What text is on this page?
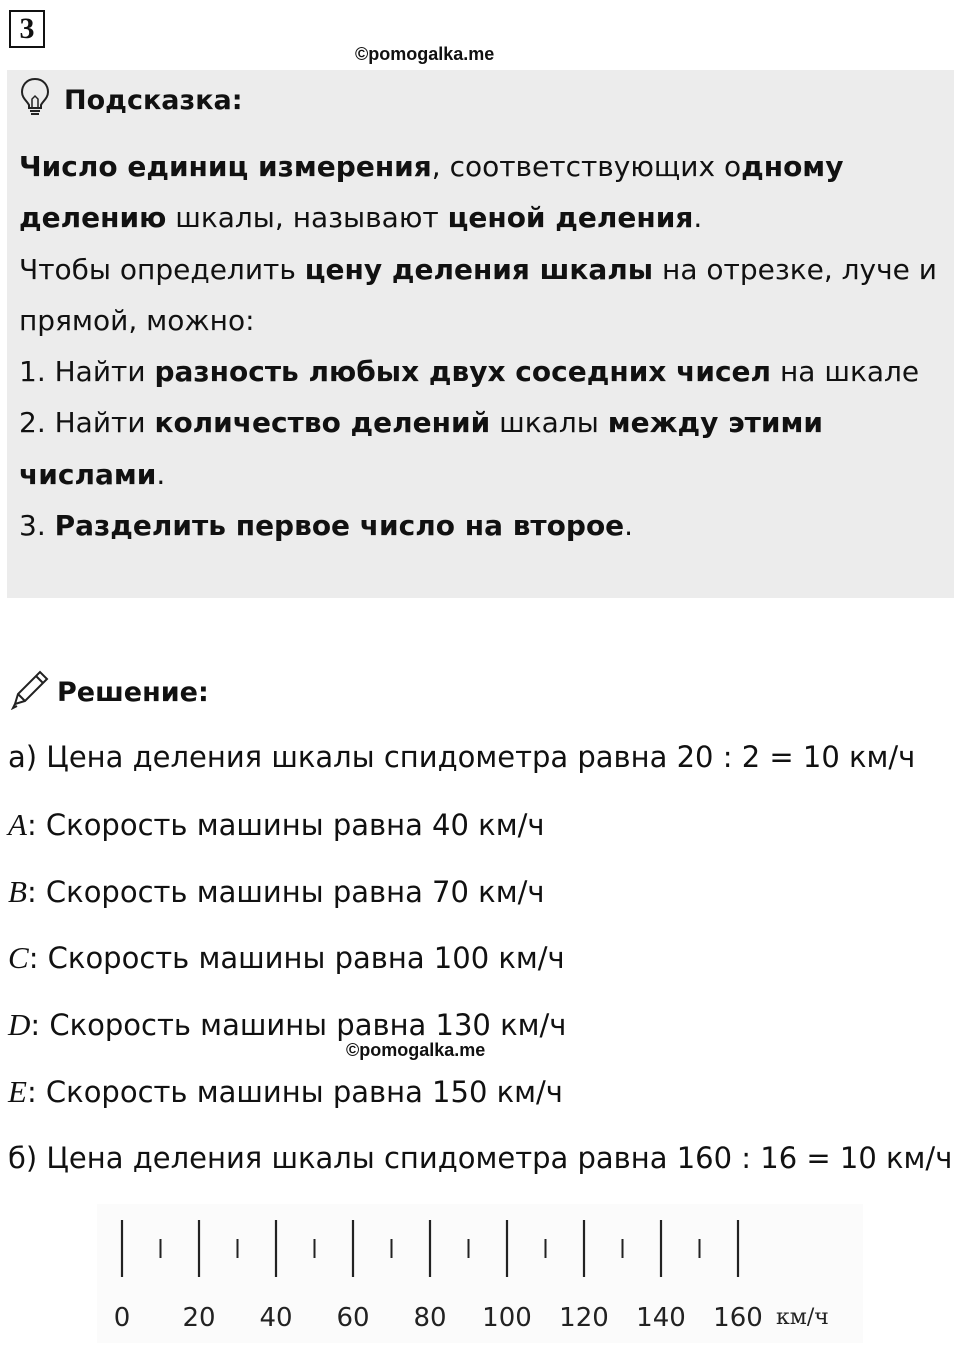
3
©pomogalka.me
Подсказка:

Число единиц измерения, соответствующих одному

делению шкалы, называют ценой деления.

Чтобы определить цену деления шкалы на отрезке, луче и

прямой, можно:

1. Найти разность любых двух соседних чисел на шкале

2. Найти количество делений шкалы между этими

числами.

3. Разделить первое число на второе.

Решение:
а) Цена деления шкалы спидометра равна 20 : 2 = 10 км/ч
A: Скорость машины равна 40 км/ч
B: Скорость машины равна 70 км/ч
C: Скорость машины равна 100 км/ч
D: Скорость машины равна 130 км/ч
©pomogalka.me
E: Скорость машины равна 150 км/ч
б) Цена деления шкалы спидометра равна 160 : 16 = 10 км/ч
0 20 40 60 80 100 120 140 160 км/ч
